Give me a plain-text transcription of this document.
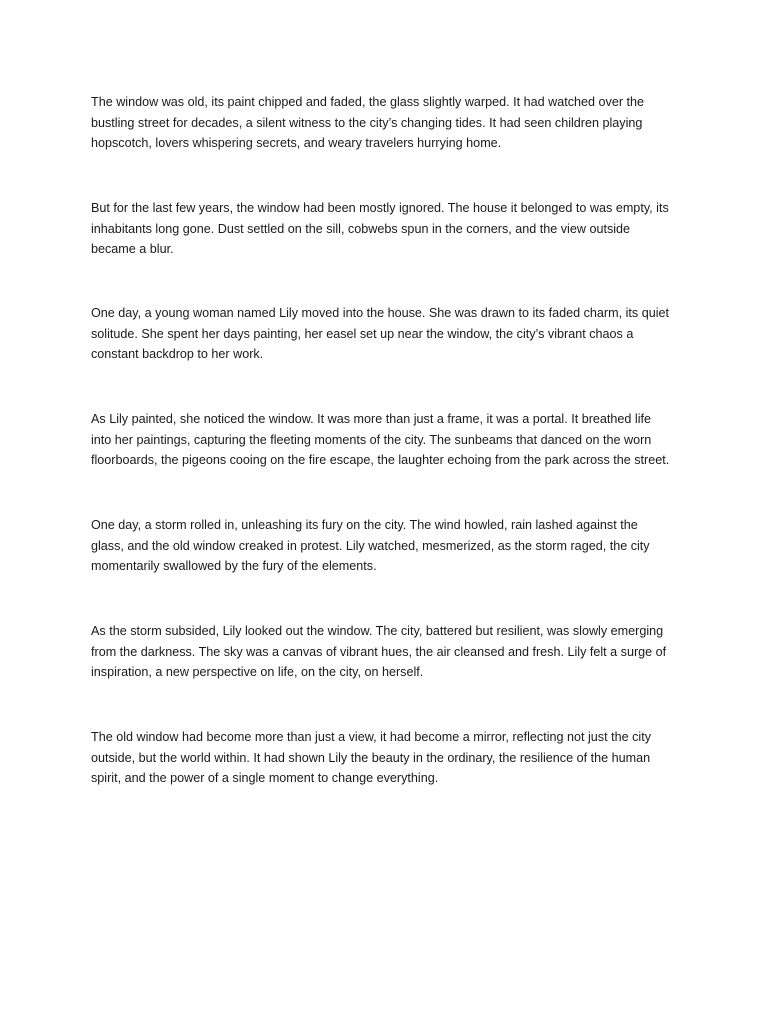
The window was old, its paint chipped and faded, the glass slightly warped. It had watched over the
bustling street for decades, a silent witness to the city’s changing tides. It had seen children playing
hopscotch, lovers whispering secrets, and weary travelers hurrying home.

But for the last few years, the window had been mostly ignored. The house it belonged to was empty, its
inhabitants long gone. Dust settled on the sill, cobwebs spun in the corners, and the view outside
became a blur.

One day, a young woman named Lily moved into the house. She was drawn to its faded charm, its quiet
solitude. She spent her days painting, her easel set up near the window, the city’s vibrant chaos a
constant backdrop to her work.

As Lily painted, she noticed the window. It was more than just a frame, it was a portal. It breathed life
into her paintings, capturing the fleeting moments of the city. The sunbeams that danced on the worn
floorboards, the pigeons cooing on the fire escape, the laughter echoing from the park across the street.

One day, a storm rolled in, unleashing its fury on the city. The wind howled, rain lashed against the
glass, and the old window creaked in protest. Lily watched, mesmerized, as the storm raged, the city
momentarily swallowed by the fury of the elements.

As the storm subsided, Lily looked out the window. The city, battered but resilient, was slowly emerging
from the darkness. The sky was a canvas of vibrant hues, the air cleansed and fresh. Lily felt a surge of
inspiration, a new perspective on life, on the city, on herself.

The old window had become more than just a view, it had become a mirror, reflecting not just the city
outside, but the world within. It had shown Lily the beauty in the ordinary, the resilience of the human
spirit, and the power of a single moment to change everything.
